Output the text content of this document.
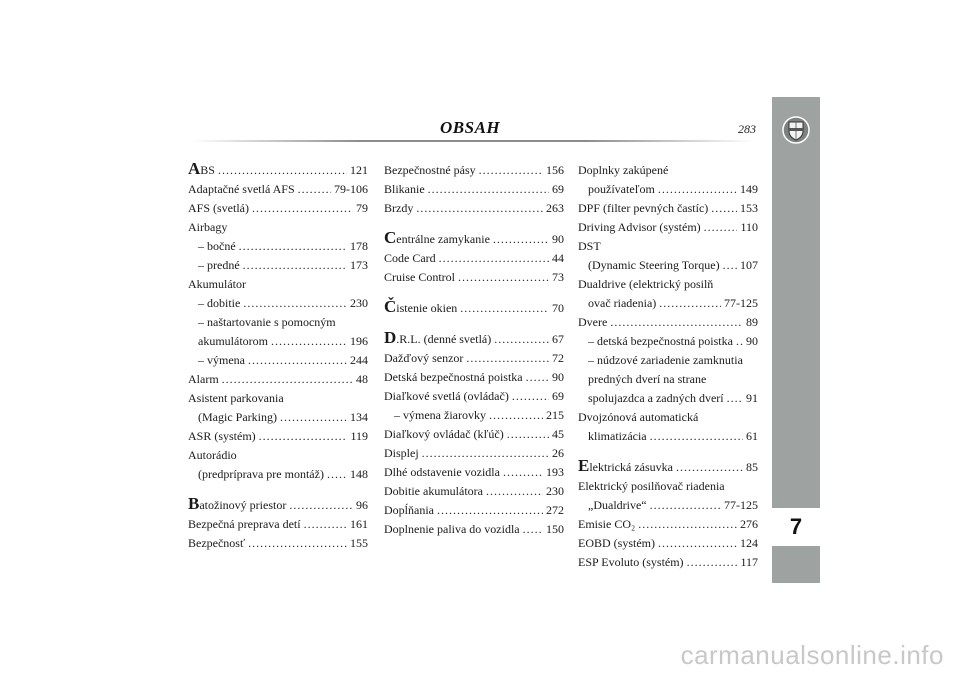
7
OBSAH	283
ABS .....	121
Adaptačné svetlá AFS .....	79-106
AFS (svetlá) .....	79
Airbagy
– bočné .....	178
– predné .....	173
Akumulátor
– dobitie .....	230
– naštartovanie s pomocným
akumulátorom .....	196
– výmena .....	244
Alarm .....	48
Asistent parkovania
(Magic Parking) .....	134
ASR (systém) .....	119
Autorádio
(predpríprava pre montáž) ..... 148
Batožinový priestor .....	96
Bezpečná preprava detí .....	161
Bezpečnosť .....	155
Bezpečnostné pásy .....	156
Blikanie .....	69
Brzdy .....	263
Centrálne zamykanie .....	90
Code Card .....	44
Cruise Control .....	73
Čistenie okien .....	70
D.R.L. (denné svetlá) .....	67
Dažďový senzor .....	72
Detská bezpečnostná poistka ..... 90
Diaľkové svetlá (ovládač) .....	69
– výmena žiarovky .....	215
Diaľkový ovládač (kľúč) .....	45
Displej .....	26
Dlhé odstavenie vozidla .....	193
Dobitie akumulátora .....	230
Dopĺňania .....	272
Doplnenie paliva do vozidla ..... 150
Doplnky zakúpené
používateľom .....	149
DPF (filter pevných častíc) .....	153
Driving Advisor (systém) .....	110
DST
(Dynamic Steering Torque) ..... 107
Dualdrive (elektrický posilň
ovač riadenia) .....	77-125
Dvere .....	89
– detská bezpečnostná poistka ..... 90
– núdzové zariadenie zamknutia
predných dverí na strane
spolujazdca a zadných dverí ..... 91
Dvojzónová automatická
klimatizácia .....	61
Elektrická zásuvka .....	85
Elektrický posilňovač riadenia
„Dualdrive“ .....	77-125
Emisie CO₂ .....	276
EOBD (systém) .....	124
ESP Evoluto (systém) .....	117
carmanualsonline.info
